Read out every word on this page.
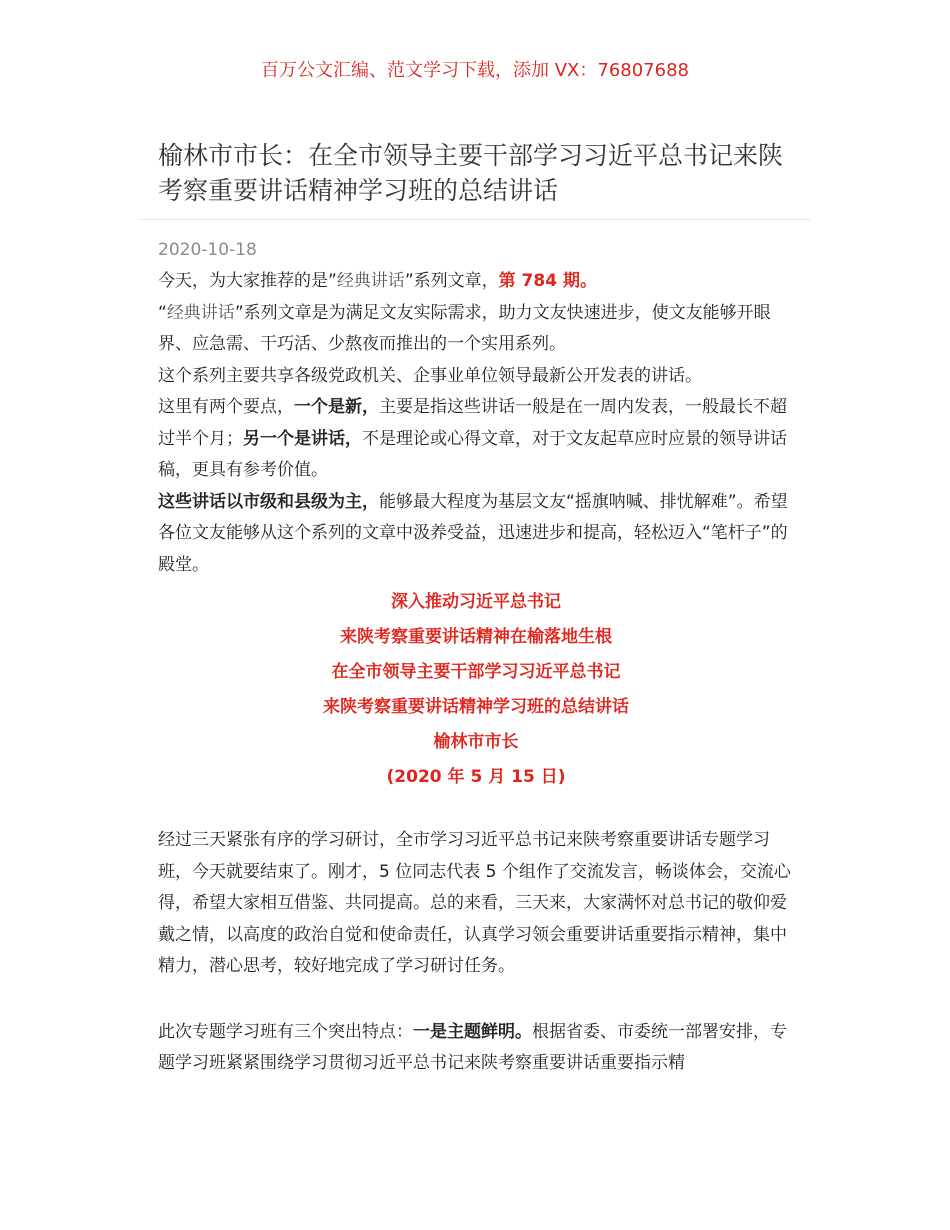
百万公文汇编、范文学习下载，添加 VX：76807688
榆林市市长：在全市领导主要干部学习习近平总书记来陕考察重要讲话精神学习班的总结讲话
2020-10-18

今天，为大家推荐的是”经典讲话”系列文章，第 784 期。

“经典讲话”系列文章是为满足文友实际需求，助力文友快速进步，使文友能够开眼界、应急需、干巧活、少熬夜而推出的一个实用系列。

这个系列主要共享各级党政机关、企事业单位领导最新公开发表的讲话。

这里有两个要点，一个是新，主要是指这些讲话一般是在一周内发表，一般最长不超过半个月；另一个是讲话，不是理论或心得文章，对于文友起草应时应景的领导讲话稿，更具有参考价值。

这些讲话以市级和县级为主，能够最大程度为基层文友“摇旗呐喊、排忧解难”。希望各位文友能够从这个系列的文章中汲养受益，迅速进步和提高，轻松迈入“笔杆子”的殿堂。

深入推动习近平总书记
来陕考察重要讲话精神在榆落地生根
在全市领导主要干部学习习近平总书记
来陕考察重要讲话精神学习班的总结讲话
榆林市市长
(2020 年 5 月 15 日)

经过三天紧张有序的学习研讨，全市学习习近平总书记来陕考察重要讲话专题学习班，今天就要结束了。刚才，5 位同志代表 5 个组作了交流发言，畅谈体会，交流心得，希望大家相互借鉴、共同提高。总的来看，三天来，大家满怀对总书记的敬仰爱戴之情，以高度的政治自觉和使命责任，认真学习领会重要讲话重要指示精神，集中精力，潜心思考，较好地完成了学习研讨任务。

此次专题学习班有三个突出特点：一是主题鲜明。根据省委、市委统一部署安排，专题学习班紧紧围绕学习贯彻习近平总书记来陕考察重要讲话重要指示精
